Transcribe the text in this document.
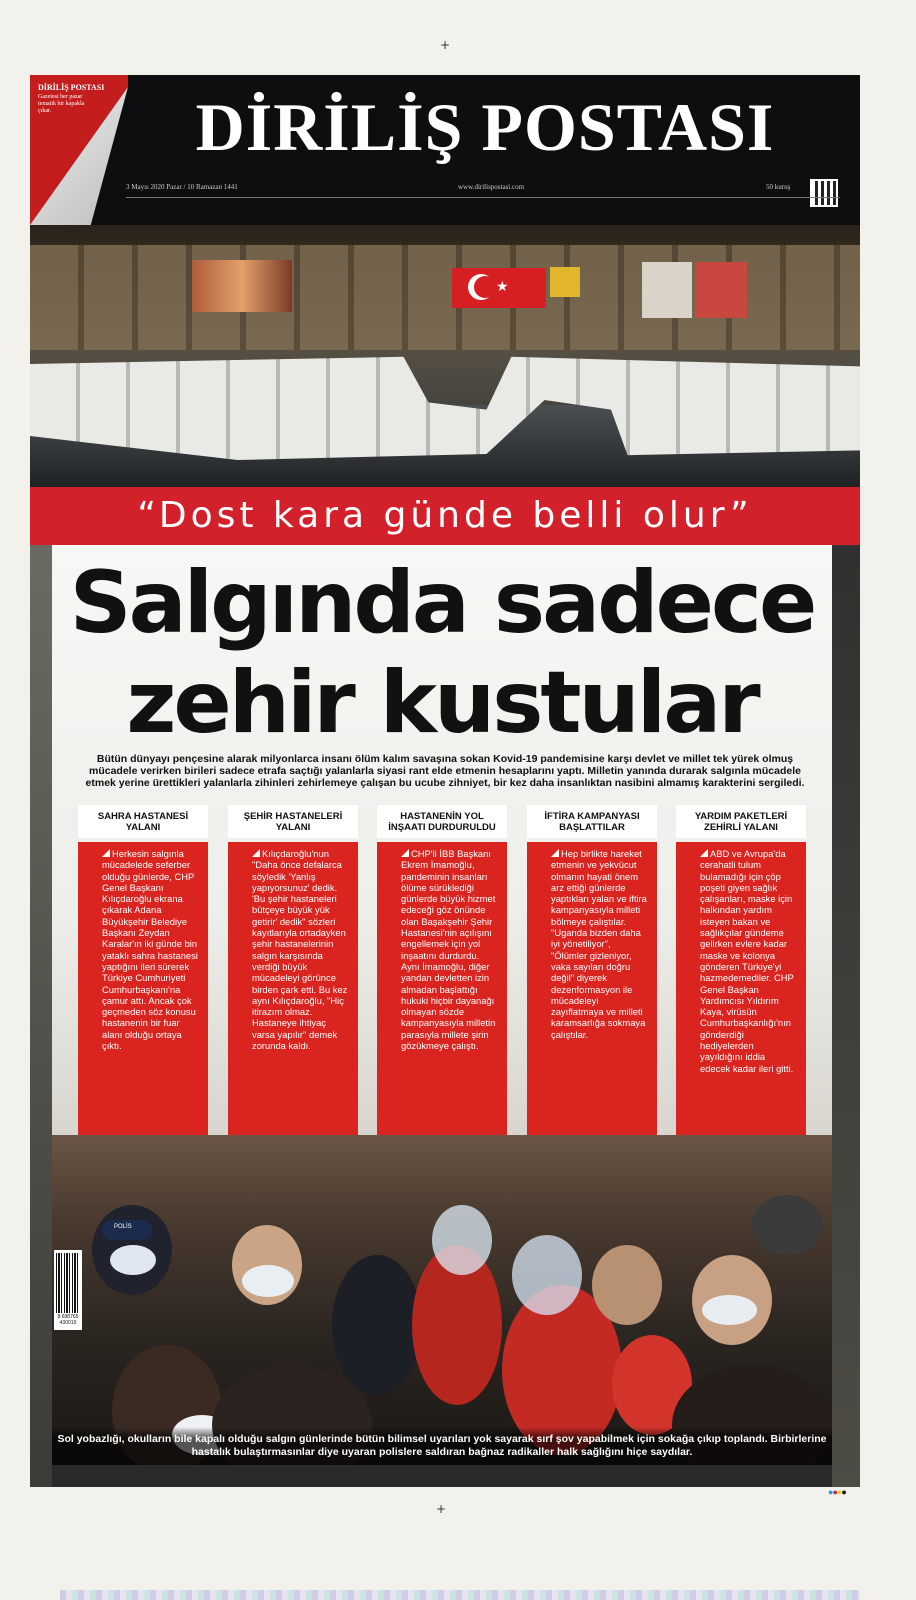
+
DİRİLİŞ POSTASI
Gazetesi her pazar tematik bir kapakla çıkar.	DİRİLİŞ POSTASI
3 Mayıs 2020 Pazar / 10 Ramazan 1441	www.dirilispostasi.com	50 kuruş
★
“Dost kara günde belli olur”
Salgında sadece
zehir kustular
Bütün dünyayı pençesine alarak milyonlarca insanı ölüm kalım savaşına sokan Kovid-19 pandemisine karşı devlet ve millet tek yürek olmuş mücadele verirken birileri sadece etrafa saçtığı yalanlarla siyasi rant elde etmenin hesaplarını yaptı. Milletin yanında durarak salgınla mücadele etmek yerine ürettikleri yalanlarla zihinleri zehirlemeye çalışan bu ucube zihniyet, bir kez daha insanlıktan nasibini almamış karakterini sergiledi.
SAHRA HASTANESİ YALANI
Herkesin salgınla mücadelede seferber olduğu günlerde, CHP Genel Başkanı Kılıçdaroğlu ekrana çıkarak Adana Büyükşehir Belediye Başkanı Zeydan Karalar'ın iki günde bin yataklı sahra hastanesi yaptığını ileri sürerek Türkiye Cumhuriyeti Cumhurbaşkanı'na çamur attı. Ancak çok geçmeden söz konusu hastanenin bir fuar alanı olduğu ortaya çıktı.
ŞEHİR HASTANELERİ YALANI
Kılıçdaroğlu'nun "Daha önce defalarca söyledik 'Yanlış yapıyorsunuz' dedik. 'Bu şehir hastaneleri bütçeye büyük yük getirir' dedik" sözleri kayıtlarıyla ortadayken şehir hastanelerinin salgın karşısında verdiği büyük mücadeleyi görünce birden çark etti. Bu kez aynı Kılıçdaroğlu, "Hiç itirazım olmaz. Hastaneye ihtiyaç varsa yapılır" demek zorunda kaldı.
HASTANENİN YOL İNŞAATI DURDURULDU
CHP'li İBB Başkanı Ekrem İmamoğlu, pandeminin insanları ölüme sürüklediği günlerde büyük hizmet edeceği göz önünde olan Başakşehir Şehir Hastanesi'nin açılışını engellemek için yol inşaatını durdurdu. Aynı İmamoğlu, diğer yandan devletten izin almadan başlattığı hukuki hiçbir dayanağı olmayan sözde kampanyasıyla milletin parasıyla millete şirin gözükmeye çalıştı.
İFTİRA KAMPANYASI BAŞLATTILAR
Hep birlikte hareket etmenin ve yekvücut olmanın hayati önem arz ettiği günlerde yaptıkları yalan ve iftira kampanyasıyla milleti bölmeye çalıştılar. "Uganda bizden daha iyi yönetiliyor", "Ölümler gizleniyor, vaka sayıları doğru değil" diyerek dezenformasyon ile mücadeleyi zayıflatmaya ve milleti karamsarlığa sokmaya çalıştılar.
YARDIM PAKETLERİ ZEHİRLİ YALANI
ABD ve Avrupa'da cerahatli tulum bulamadığı için çöp poşeti giyen sağlık çalışanları, maske için halkından yardım isteyen bakan ve sağlıkçılar gündeme gelirken evlere kadar maske ve kolonya gönderen Türkiye'yi hazmedemediler. CHP Genel Başkan Yardımcısı Yıldırım Kaya, virüsün Cumhurbaşkanlığı'nın gönderdiği hediyelerden yayıldığını iddia edecek kadar ileri gitti.
POLİS
Sol yobazlığı, okulların bile kapalı olduğu salgın günlerinde bütün bilimsel uyarıları yok sayarak sırf şov yapabilmek için sokağa çıkıp toplandı. Birbirlerine hastalık bulaştırmasınlar diye uyaran polislere saldıran bağnaz radikaller halk sağlığını hiçe saydılar.
8 698765 430019
●●●●
+
